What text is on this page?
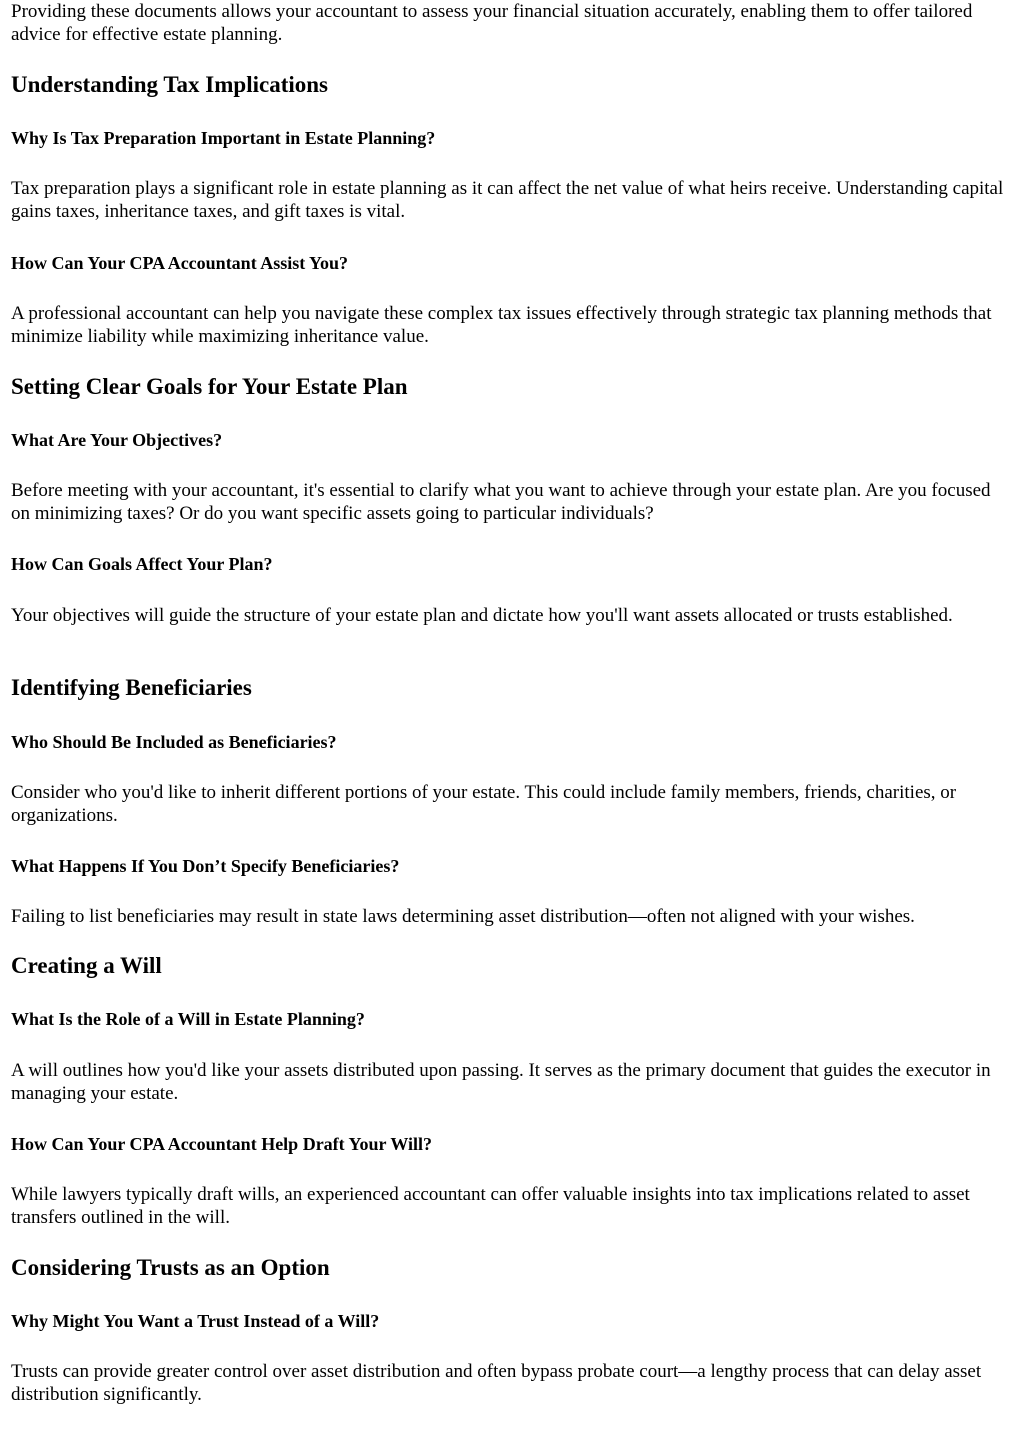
Providing these documents allows your accountant to assess your financial situation accurately, enabling them to offer tailored advice for effective estate planning.

Understanding Tax Implications
Why Is Tax Preparation Important in Estate Planning?

Tax preparation plays a significant role in estate planning as it can affect the net value of what heirs receive. Understanding capital gains taxes, inheritance taxes, and gift taxes is vital.

How Can Your CPA Accountant Assist You?

A professional accountant can help you navigate these complex tax issues effectively through strategic tax planning methods that minimize liability while maximizing inheritance value.

Setting Clear Goals for Your Estate Plan
What Are Your Objectives?

Before meeting with your accountant, it's essential to clarify what you want to achieve through your estate plan. Are you focused on minimizing taxes? Or do you want specific assets going to particular individuals?

How Can Goals Affect Your Plan?

Your objectives will guide the structure of your estate plan and dictate how you'll want assets allocated or trusts established.

Identifying Beneficiaries
Who Should Be Included as Beneficiaries?

Consider who you'd like to inherit different portions of your estate. This could include family members, friends, charities, or organizations.

What Happens If You Don’t Specify Beneficiaries?

Failing to list beneficiaries may result in state laws determining asset distribution—often not aligned with your wishes.

Creating a Will
What Is the Role of a Will in Estate Planning?

A will outlines how you'd like your assets distributed upon passing. It serves as the primary document that guides the executor in managing your estate.

How Can Your CPA Accountant Help Draft Your Will?

While lawyers typically draft wills, an experienced accountant can offer valuable insights into tax implications related to asset transfers outlined in the will.

Considering Trusts as an Option
Why Might You Want a Trust Instead of a Will?

Trusts can provide greater control over asset distribution and often bypass probate court—a lengthy process that can delay asset distribution significantly.
